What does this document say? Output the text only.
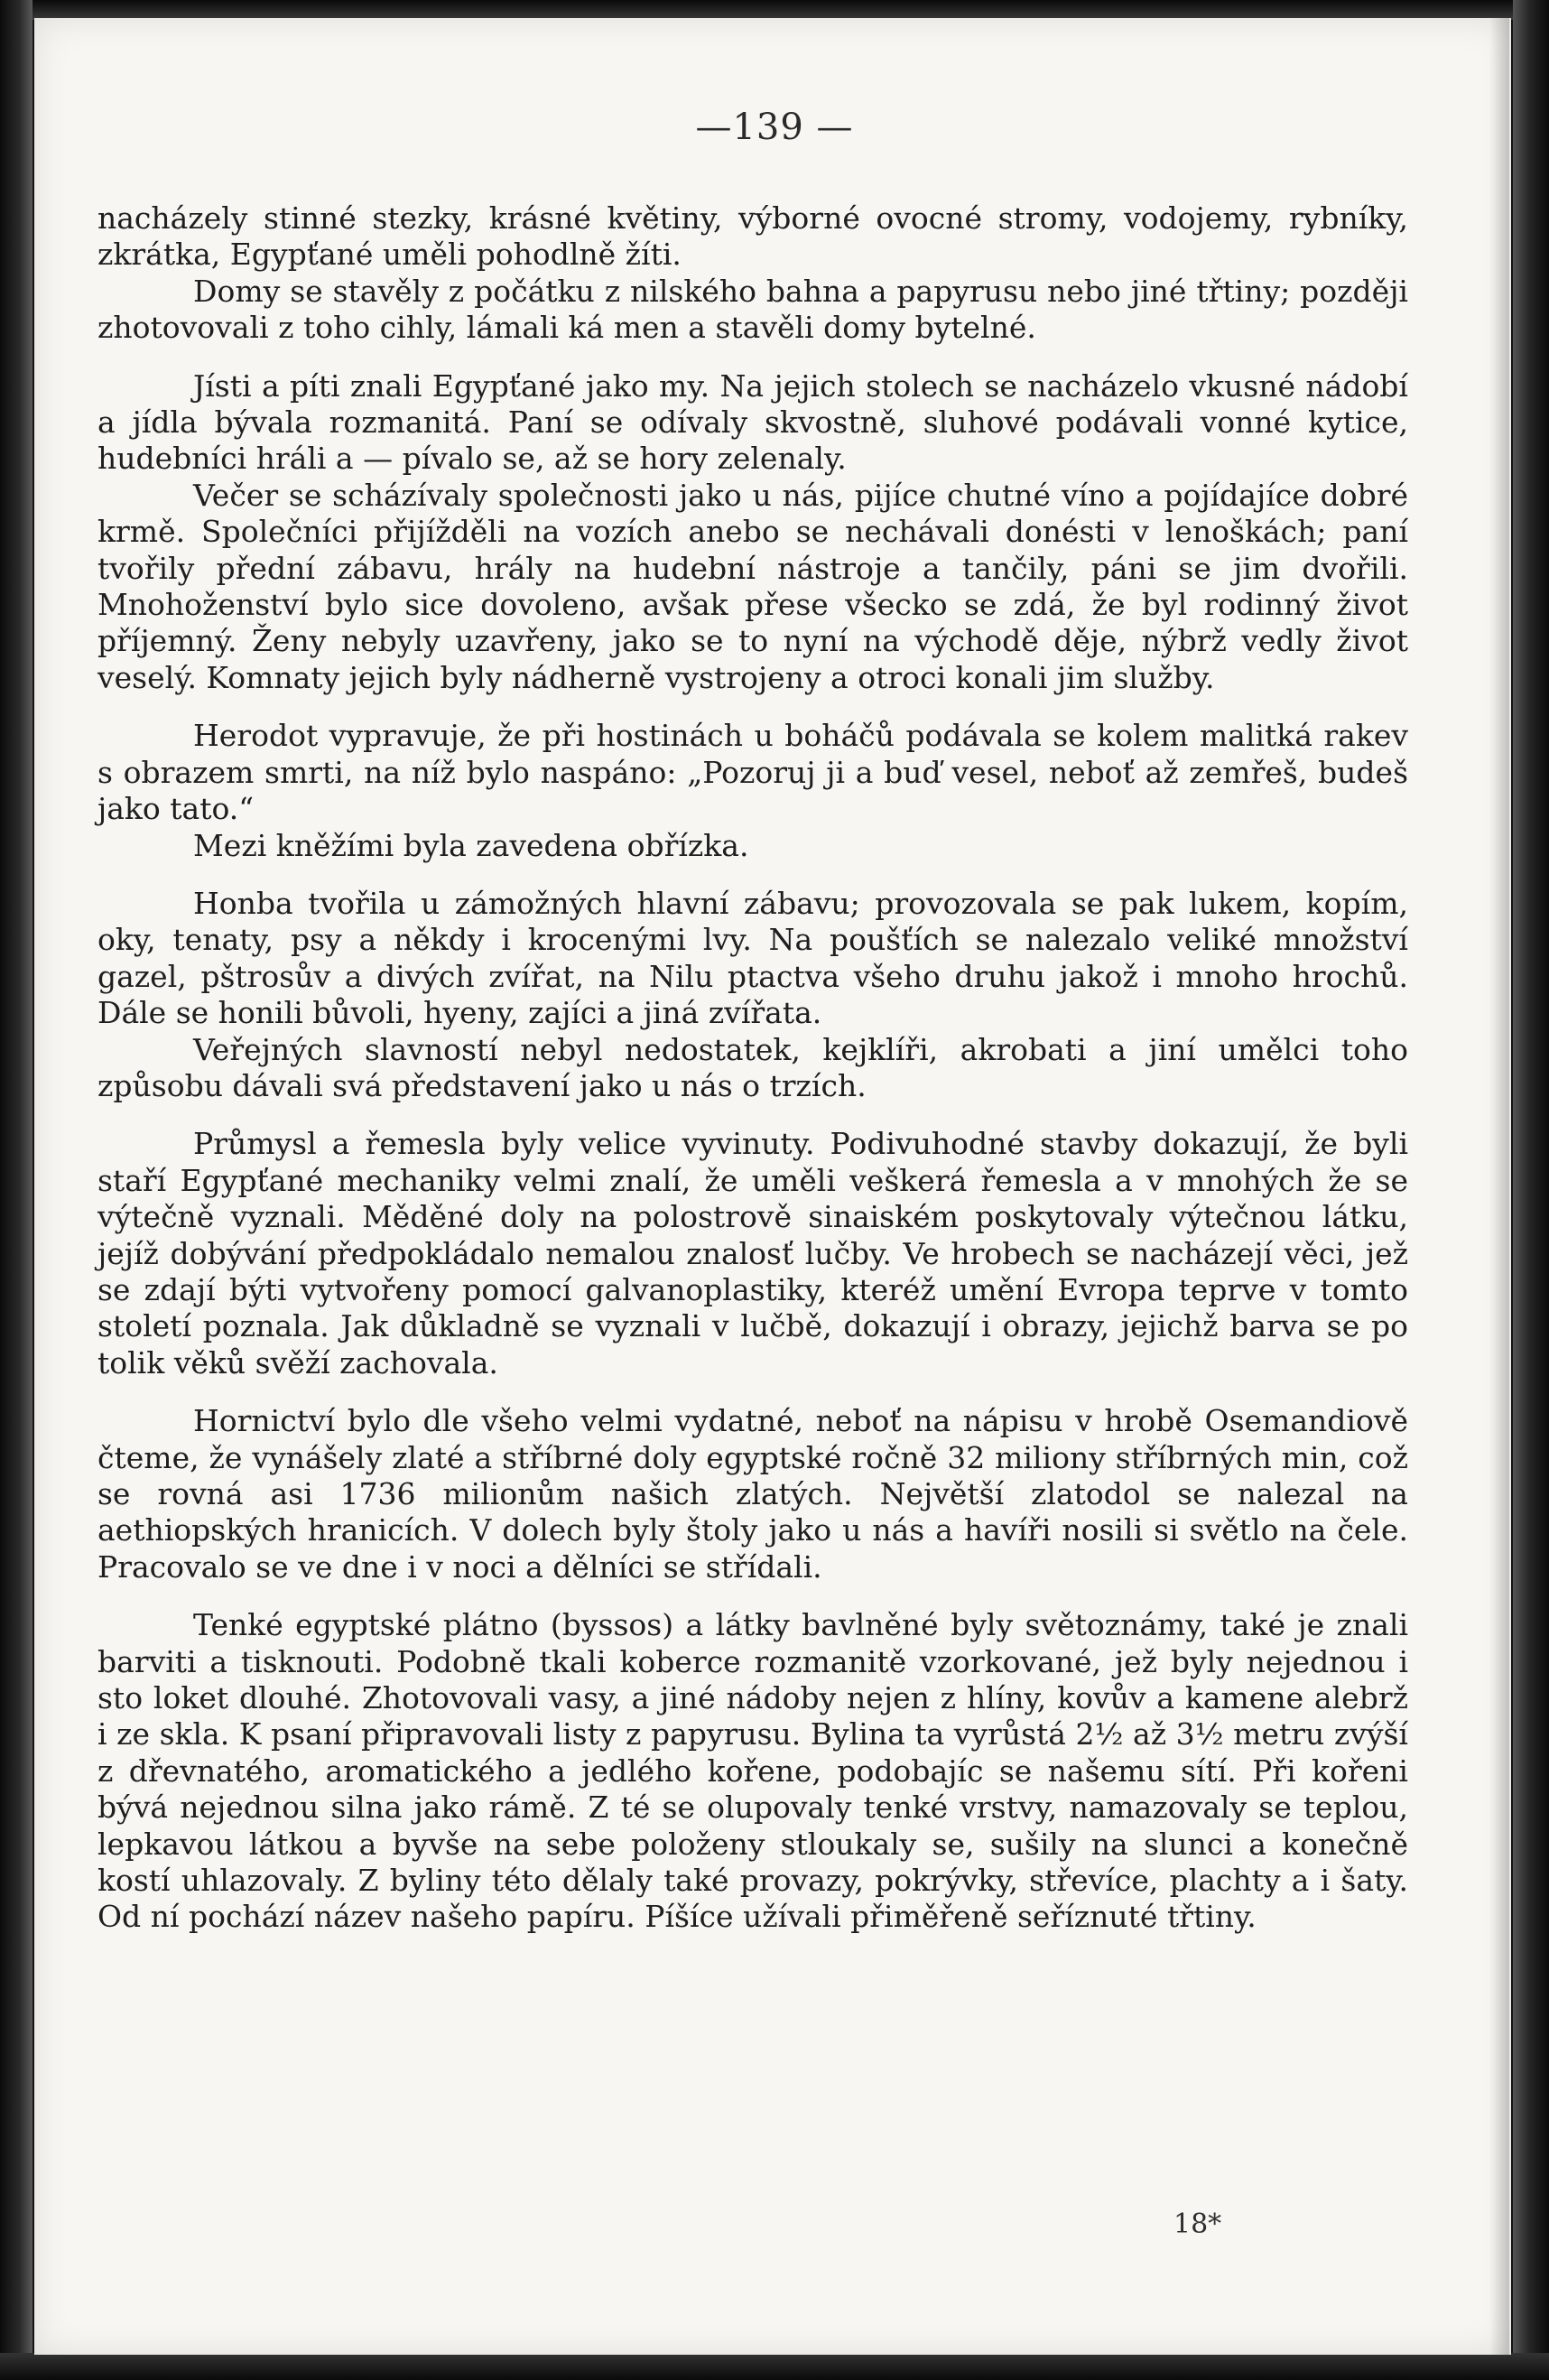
—139 —

nacházely stinné stezky, krásné květiny, výborné ovocné stromy, vodojemy, rybníky, zkrátka, Egypťané uměli pohodlně žíti.

Domy se stavěly z počátku z nilského bahna a papyrusu nebo jiné třtiny; později zhotovovali z toho cihly, lámali ká men a stavěli domy bytelné.

Jísti a píti znali Egypťané jako my. Na jejich stolech se nacházelo vkusné nádobí a jídla bývala rozmanitá. Paní se odívaly skvostně, sluhové podávali vonné kytice, hudebníci hráli a — pívalo se, až se hory zelenaly.

Večer se scházívaly společnosti jako u nás, pijíce chutné víno a pojídajíce dobré krmě. Společníci přijížděli na vozích anebo se nechávali donésti v lenoškách; paní tvořily přední zábavu, hrály na hudební nástroje a tančily, páni se jim dvořili. Mnohoženství bylo sice dovoleno, avšak přese všecko se zdá, že byl rodinný život příjemný. Ženy nebyly uzavřeny, jako se to nyní na východě děje, nýbrž vedly život veselý. Komnaty jejich byly nádherně vystrojeny a otroci konali jim služby.

Herodot vypravuje, že při hostinách u boháčů podávala se kolem malitká rakev s obrazem smrti, na níž bylo naspáno: „Pozoruj ji a buď vesel, neboť až zemřeš, budeš jako tato.“

Mezi kněžími byla zavedena obřízka.

Honba tvořila u zámožných hlavní zábavu; provozovala se pak lukem, kopím, oky, tenaty, psy a někdy i krocenými lvy. Na poušťích se nalezalo veliké množství gazel, pštrosův a divých zvířat, na Nilu ptactva všeho druhu jakož i mnoho hrochů. Dále se honili bůvoli, hyeny, zajíci a jiná zvířata.

Veřejných slavností nebyl nedostatek, kejklíři, akrobati a jiní umělci toho způsobu dávali svá představení jako u nás o trzích.

Průmysl a řemesla byly velice vyvinuty. Podivuhodné stavby dokazují, že byli staří Egypťané mechaniky velmi znalí, že uměli veškerá řemesla a v mnohých že se výtečně vyznali. Měděné doly na polostrově sinaiském poskytovaly výtečnou látku, jejíž dobývání předpokládalo nemalou znalosť lučby. Ve hrobech se nacházejí věci, jež se zdají býti vytvořeny pomocí galvanoplastiky, kteréž umění Evropa teprve v tomto století poznala. Jak důkladně se vyznali v lučbě, dokazují i obrazy, jejichž barva se po tolik věků svěží zachovala.

Hornictví bylo dle všeho velmi vydatné, neboť na nápisu v hrobě Osemandiově čteme, že vynášely zlaté a stříbrné doly egyptské ročně 32 miliony stříbrných min, což se rovná asi 1736 milionům našich zlatých. Největší zlatodol se nalezal na aethiopských hranicích. V dolech byly štoly jako u nás a havíři nosili si světlo na čele. Pracovalo se ve dne i v noci a dělníci se střídali.

Tenké egyptské plátno (byssos) a látky bavlněné byly světoznámy, také je znali barviti a tisknouti. Podobně tkali koberce rozmanitě vzorkované, jež byly nejednou i sto loket dlouhé. Zhotovovali vasy, a jiné nádoby nejen z hlíny, kovův a kamene alebrž i ze skla. K psaní připravovali listy z papyrusu. Bylina ta vyrůstá 2½ až 3½ metru zvýší z dřevnatého, aromatického a jedlého kořene, podobajíc se našemu sítí. Při kořeni bývá nejednou silna jako rámě. Z té se olupovaly tenké vrstvy, namazovaly se teplou, lepkavou látkou a byvše na sebe položeny stloukaly se, sušily na slunci a konečně kostí uhlazovaly. Z byliny této dělaly také provazy, pokrývky, střevíce, plachty a i šaty. Od ní pochází název našeho papíru. Píšíce užívali přiměřeně seříznuté třtiny.

18*
